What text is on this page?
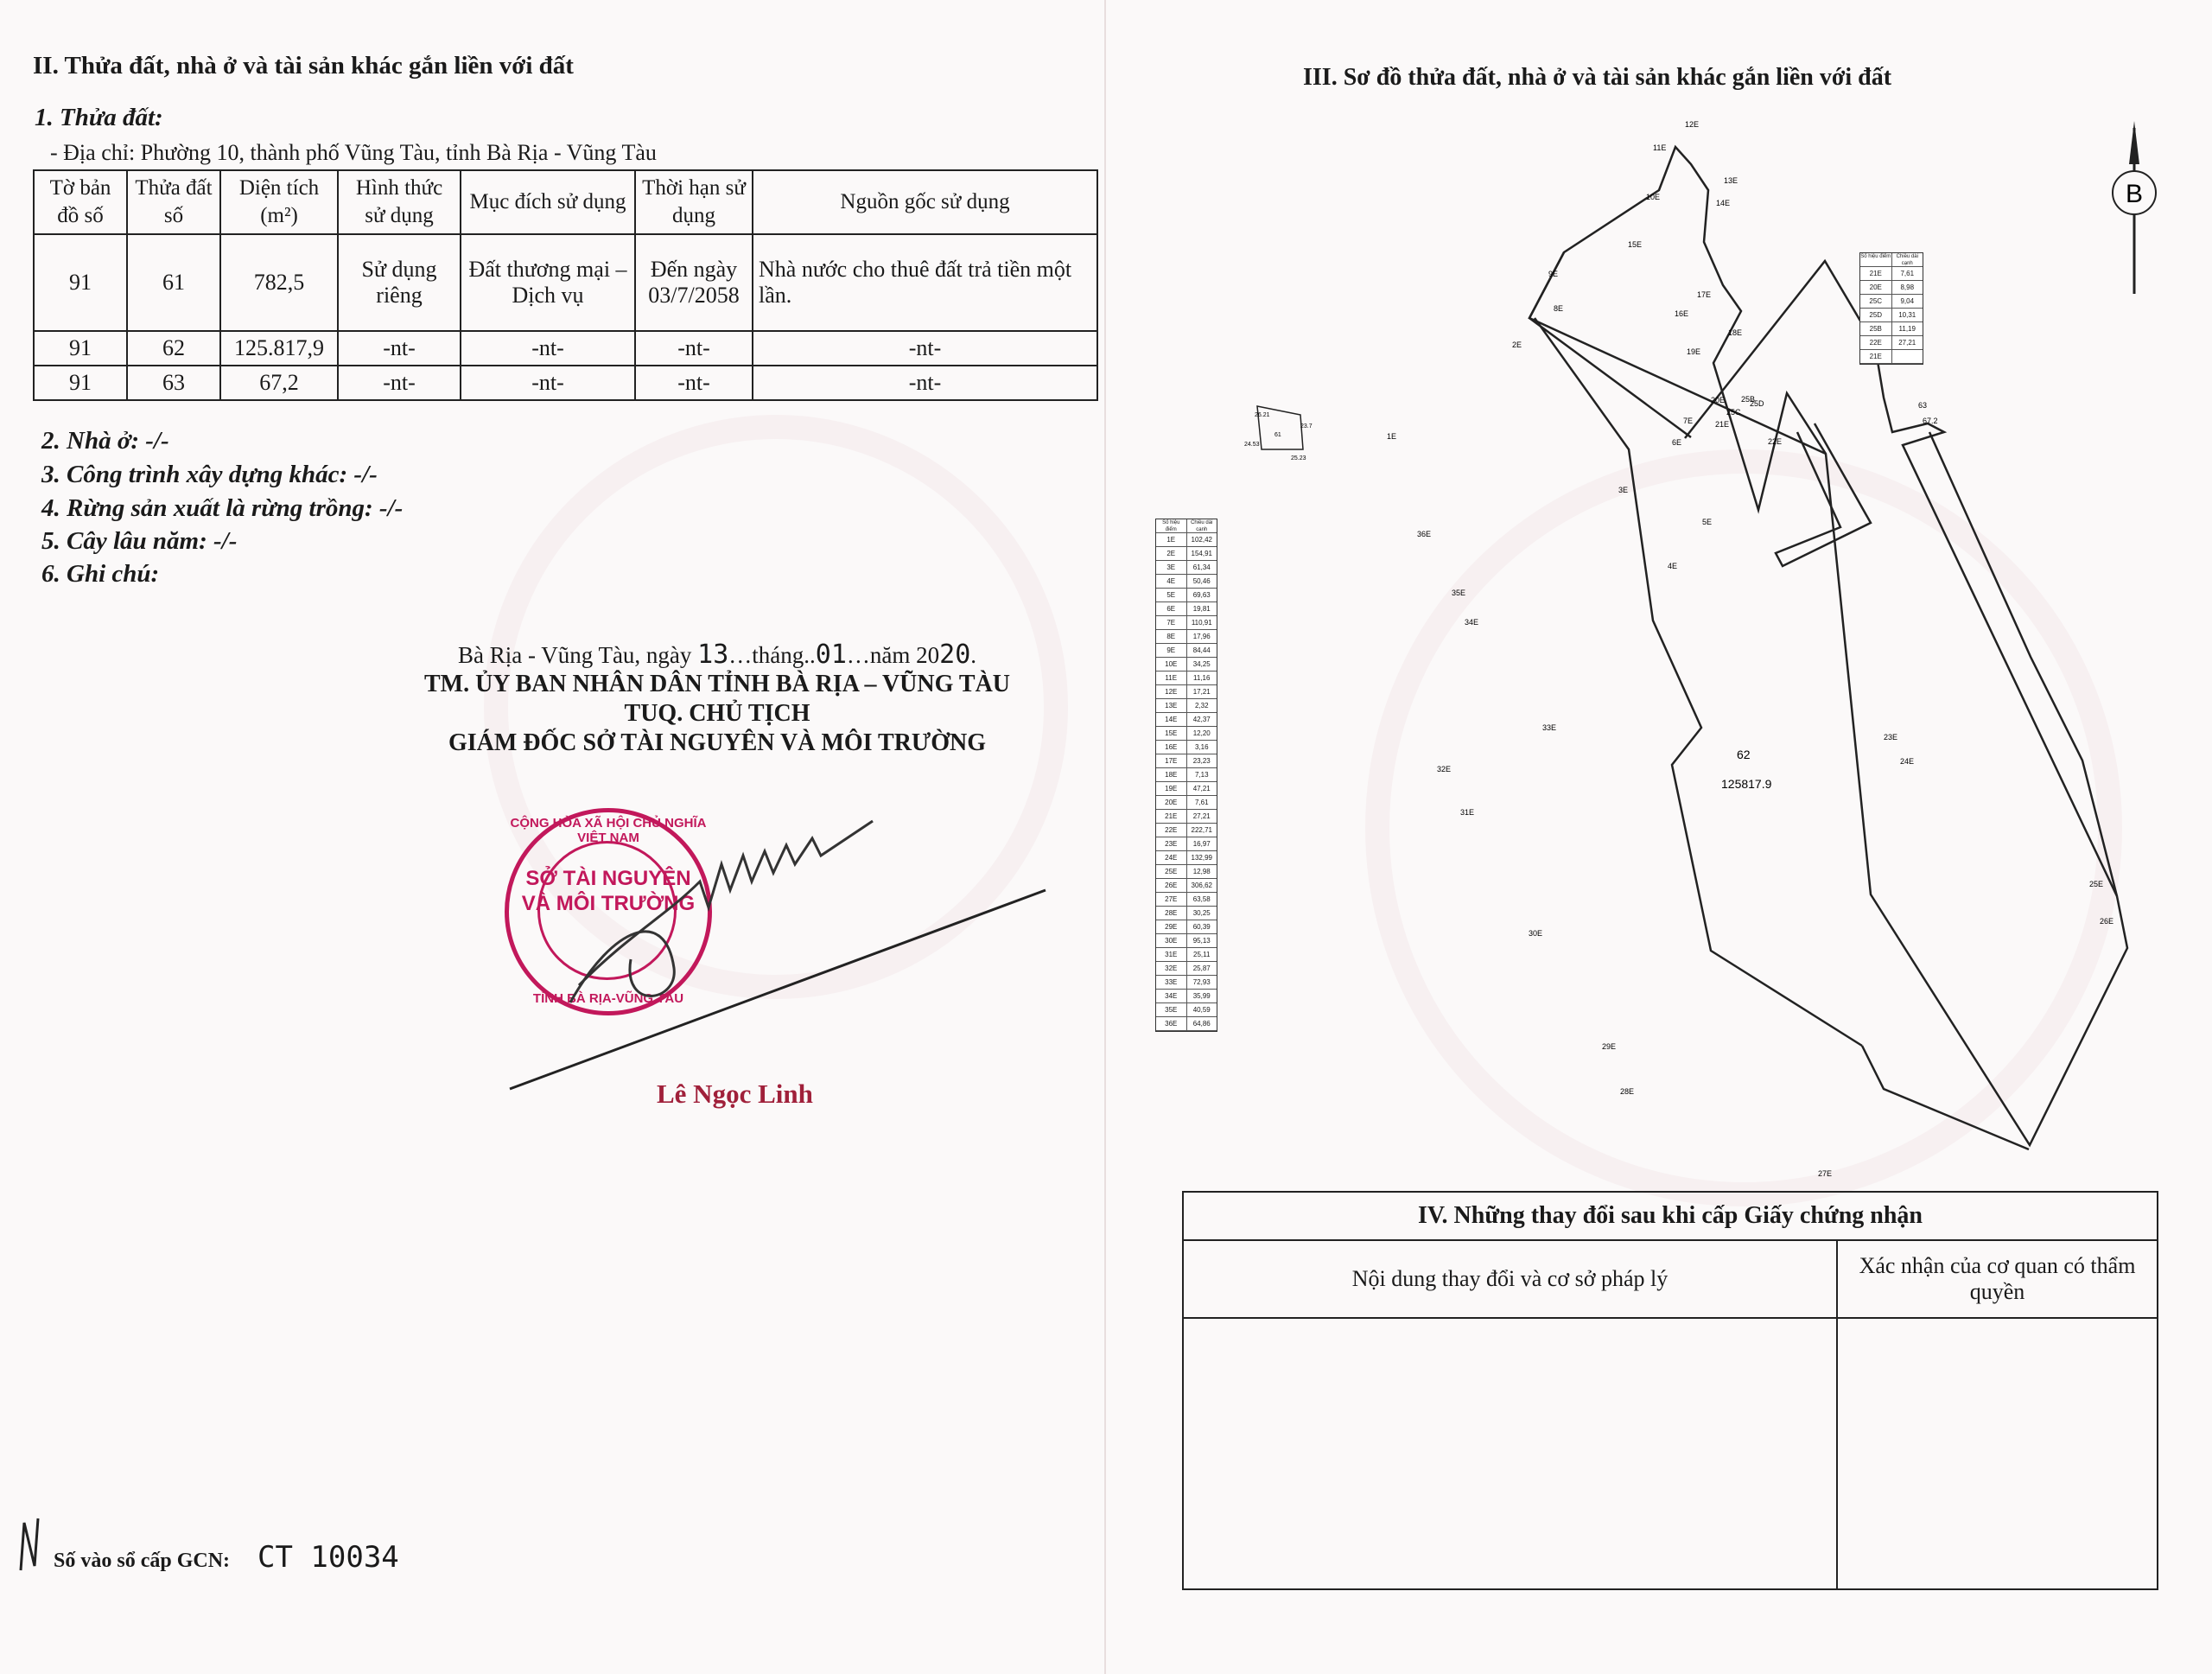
II. Thửa đất, nhà ở và tài sản khác gắn liền với đất
1. Thửa đất:
- Địa chỉ: Phường 10, thành phố Vũng Tàu, tỉnh Bà Rịa - Vũng Tàu
Tờ bản đồ số	Thửa đất số	Diện tích (m²)	Hình thức sử dụng	Mục đích sử dụng	Thời hạn sử dụng	Nguồn gốc sử dụng
91	61	782,5	Sử dụng riêng	Đất thương mại – Dịch vụ	Đến ngày 03/7/2058	Nhà nước cho thuê đất trả tiền một lần.
91	62	125.817,9	-nt-	-nt-	-nt-	-nt-
91	63	67,2	-nt-	-nt-	-nt-	-nt-
2. Nhà ở: -/-
3. Công trình xây dựng khác: -/-
4. Rừng sản xuất là rừng trồng: -/-
5. Cây lâu năm: -/-
6. Ghi chú:
Bà Rịa - Vũng Tàu, ngày 13…tháng..01…năm 2020.
TM. ỦY BAN NHÂN DÂN TỈNH BÀ RỊA – VŨNG TÀU
TUQ. CHỦ TỊCH
GIÁM ĐỐC SỞ TÀI NGUYÊN VÀ MÔI TRƯỜNG
CỘNG HÒA XÃ HỘI CHỦ NGHĨA VIỆT NAM
SỞ TÀI NGUYÊN VÀ MÔI TRƯỜNG
TỈNH BÀ RỊA-VŨNG TÀU
Lê Ngọc Linh
Số vào sổ cấp GCN: CT 10034
III. Sơ đồ thửa đất, nhà ở và tài sản khác gắn liền với đất
B
62
125817.9
63
67.2
61
26.21
23.7
24.53
25.23
1E
2E
3E
4E
5E
6E
7E
8E
9E
10E
11E
12E
13E
14E
15E
16E
17E
18E
19E
20E
21E
22E
23E
24E
25E
26E
27E
28E
29E
30E
31E
32E
33E
34E
35E
36E
25B
25C
25D
Số hiệu điểm
Chiều dài cạnh
1E	102,42
2E	154,91
3E	61,34
4E	50,46
5E	69,63
6E	19,81
7E	110,91
8E	17,96
9E	84,44
10E	34,25
11E	11,16
12E	17,21
13E	2,32
14E	42,37
15E	12,20
16E	3,16
17E	23,23
18E	7,13
19E	47,21
20E	7,61
21E	27,21
22E	222,71
23E	16,97
24E	132,99
25E	12,98
26E	306,62
27E	63,58
28E	30,25
29E	60,39
30E	95,13
31E	25,11
32E	25,87
33E	72,93
34E	35,99
35E	40,59
36E	64,86
Số hiệu điểm	Chiều dài cạnh
21E	7,61
20E	8,98
25C	9,04
25D	10,31
25B	11,19
22E	27,21
21E
IV. Những thay đổi sau khi cấp Giấy chứng nhận	
Nội dung thay đổi và cơ sở pháp lý	Xác nhận của cơ quan có thẩm quyền
